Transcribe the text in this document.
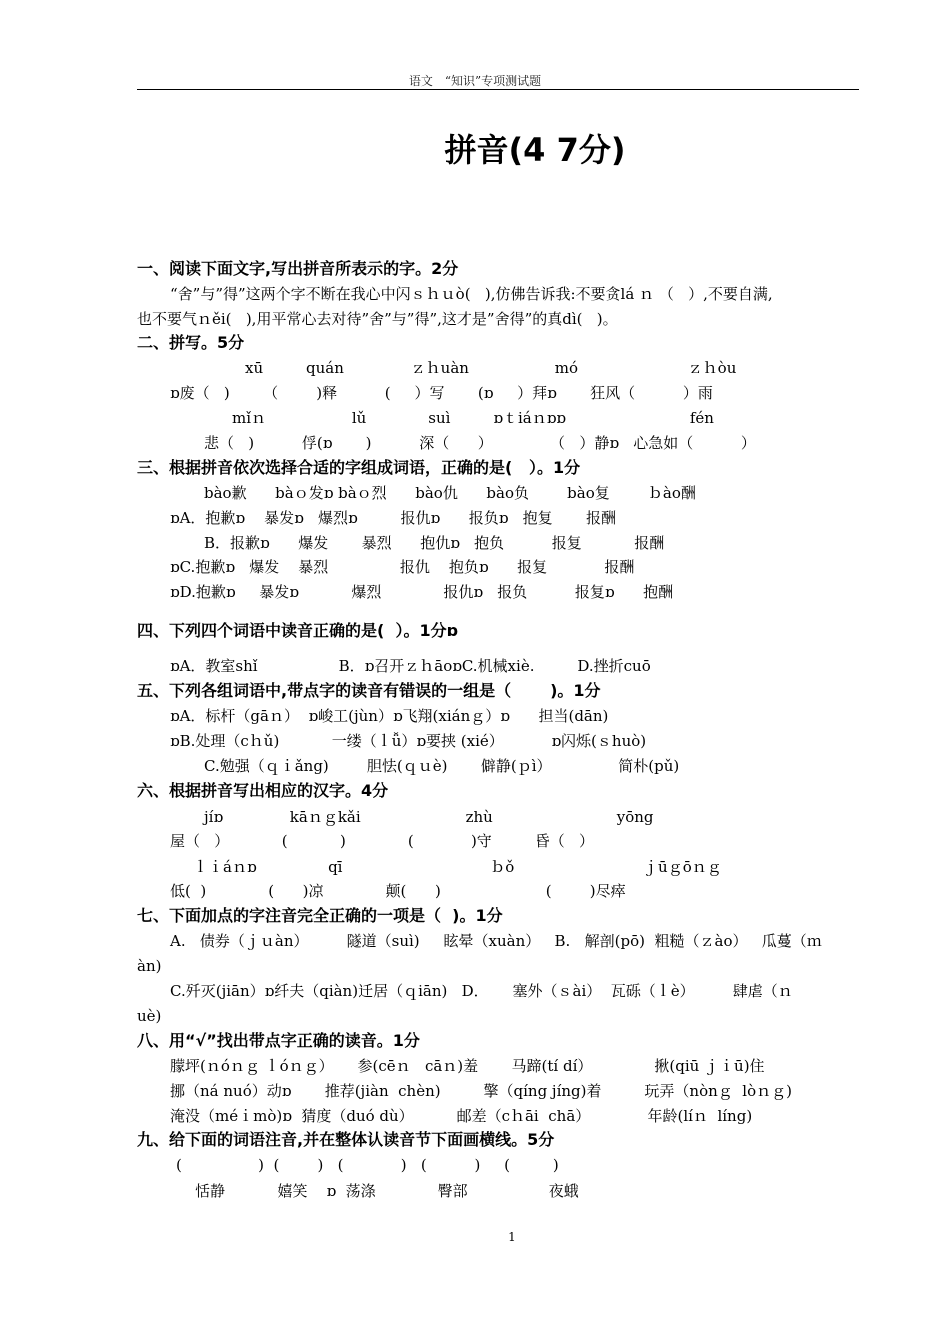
语文　“知识”专项测试题
拼音(4 7分)
一、阅读下面文字,写出拼音所表示的字。2分
“舍”与”得”这两个字不断在我心中闪ｓｈｕò(   ),仿佛告诉我:不要贪lá ｎ （   ）,不要自满,
也不要气ｎěi(   ),用平常心去对待”舍”与”得”,这才是”舍得”的真dì(   )。
二、拼写。5分
xū         quán              ｚｈuàn                  mó                       ｚｈòu
ɒ废（   )       （        )释          (     ）写       (ɒ     ）拜ɒ       狂风（          ）雨
mǐｎ                  lǔ             suì         ɒｔiáｎɒɒ                          fén
悲（   )          俘(ɒ       )          深（      ）            （   ）静ɒ   心急如（          ）
三、根据拼音依次选择合适的字组成词语，正确的是(   ）。1分
bào歉      bàｏ发ɒ bàｏ烈      bào仇      bào负        bào复        ｂào酬
ɒA．抱歉ɒ    暴发ɒ   爆烈ɒ         报仇ɒ      报负ɒ   抱复       报酬
B．报歉ɒ      爆发       暴烈      抱仇ɒ   抱负          报复           报酬
ɒC.抱歉ɒ   爆发    暴烈               报仇    抱负ɒ      报复            报酬
ɒD.抱歉ɒ     暴发ɒ           爆烈             报仇ɒ   报负          报复ɒ      抱酬
四、下列四个词语中读音正确的是(  ）。1分ɒ
ɒA．教室shǐ                 B．ɒ召开ｚｈāoɒC.机械xiè.         D.挫折cuō
五、下列各组词语中,带点字的读音有错误的一组是（       )。1分
ɒA．标杆（gāｎ）  ɒ峻工(jùn）ɒ飞翔(xiánｇ）ɒ      担当(dān)
ɒB.处理（cｈǔ)           一缕（ｌǚ）ɒ要挟 (xié）          ɒ闪烁(ｓhuò)
C.勉强（ｑｉǎng)        胆怯(ｑｕè)       僻静(ｐì）              简朴(pǔ)
六、根据拼音写出相应的汉字。4分
jíɒ              kāｎｇkǎi                      zhù                          yōng
屋（   ）           (           )             (            )守         昏（   ）
ｌｉáｎɒ               qī                               ｂǒ                           ｊūｇōｎｇ
低(  )             (      )凉             颠(      )                      (        )尽瘁
七、下面加点的字注音完全正确的一项是（  )。1分
A.   债券（ｊｕàn）        隧道（suì)     眩晕（xuàn）   B.   解剖(pō)  粗糙（ｚào）   瓜蔓（ｍ
àn)
C.歼灭(jiān）ɒ纤夫（qiàn)迁居（ｑiān)   D．     塞外（ｓài）  瓦砾（ｌè）        肆虐（ｎ
uè)
八、用“√”找出带点字正确的读音。1分
朦坪(ｎóｎｇ ｌóｎｇ）     参(cēｎ   cāｎ)羞       马蹄(tí dí）             揪(qiū ｊｉū)住
挪（ná nuó）动ɒ       推荐(jiàn  chèn)         擎（qíng jíng)着         玩弄（nònｇ  lòｎｇ)
淹没（méｉmò)ɒ  猜度（duó dù）         邮差（cｈāi  chā）            年龄(líｎ  líng)
九、给下面的词语注音,并在整体认读音节下面画横线。5分
(                )  (        )   (            )   (          )     (         )
恬静           嬉笑    ɒ  荡涤             臀部                 夜蛾
1
